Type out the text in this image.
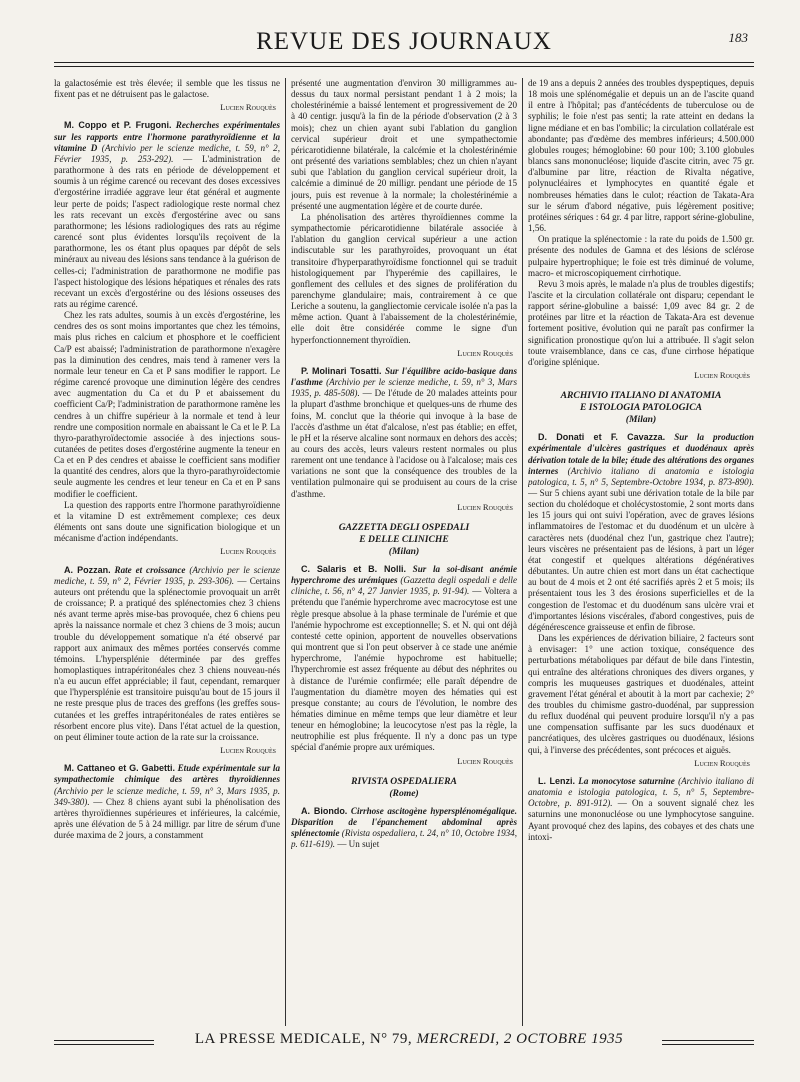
REVUE DES JOURNAUX	183

la galactosémie est très élevée; il semble que les tissus ne fixent pas et ne détruisent pas le galactose.

Lucien Rouquès

M. Coppo et P. Frugoni. Recherches expérimentales sur les rapports entre l'hormone parathyroïdienne et la vitamine D (Archivio per le scienze mediche, t. 59, n° 2, Février 1935, p. 253-292). — L'administration de parathormone à des rats en période de développement et soumis à un régime carencé ou recevant des doses excessives d'ergostérine irradiée aggrave leur état général et augmente leur perte de poids; l'aspect radiologique reste normal chez les rats recevant un excès d'ergostérine avec ou sans parathormone; les lésions radiologiques des rats au régime carencé sont plus évidentes lorsqu'ils reçoivent de la parathormone, les os étant plus opaques par dépôt de sels minéraux au niveau des lésions sans tendance à la guérison de celles-ci; l'administration de parathormone ne modifie pas l'aspect histologique des lésions hépatiques et rénales des rats recevant un excès d'ergostérine ou des lésions osseuses des rats au régime carencé.

Chez les rats adultes, soumis à un excès d'ergostérine, les cendres des os sont moins importantes que chez les témoins, mais plus riches en calcium et phosphore et le coefficient Ca/P est abaissé; l'administration de parathormone n'exagère pas la diminution des cendres, mais tend à ramener vers la normale leur teneur en Ca et P sans modifier le rapport. Le régime carencé provoque une diminution légère des cendres avec augmentation du Ca et du P et abaissement du coefficient Ca/P; l'administration de parathormone ramène les cendres à un chiffre supérieur à la normale et tend à leur rendre une composition normale en abaissant le Ca et le P. La thyro-parathyroïdectomie associée à des injections sous-cutanées de petites doses d'ergostérine augmente la teneur en Ca et en P des cendres et abaisse le coefficient sans modifier la quantité des cendres, alors que la thyro-parathyroïdectomie seule augmente les cendres et leur teneur en Ca et en P sans modifier le coefficient.

La question des rapports entre l'hormone parathyroïdienne et la vitamine D est extrêmement complexe; ces deux éléments ont sans doute une signification biologique et un mécanisme d'action indépendants.

Lucien Rouquès

A. Pozzan. Rate et croissance (Archivio per le scienze mediche, t. 59, n° 2, Février 1935, p. 293-306). — Certains auteurs ont prétendu que la splénectomie provoquait un arrêt de croissance; P. a pratiqué des splénectomies chez 3 chiens nés avant terme après mise-bas provoquée, chez 6 chiens peu après la naissance normale et chez 3 chiens de 3 mois; aucun trouble du développement somatique n'a été observé par rapport aux animaux des mêmes portées conservés comme témoins. L'hypersplénie déterminée par des greffes homoplastiques intrapéritonéales chez 3 chiens nouveau-nés n'a eu aucun effet appréciable; il faut, cependant, remarquer que l'hypersplénie est transitoire puisqu'au bout de 15 jours il ne reste presque plus de traces des greffons (les greffes sous-cutanées et les greffes intrapéritonéales de rates entières se résorbent encore plus vite). Dans l'état actuel de la question, on peut éliminer toute action de la rate sur la croissance.

Lucien Rouquès

M. Cattaneo et G. Gabetti. Etude expérimentale sur la sympathectomie chimique des artères thyroïdiennes (Archivio per le scienze mediche, t. 59, n° 3, Mars 1935, p. 349-380). — Chez 8 chiens ayant subi la phénolisation des artères thyroïdiennes supérieures et inférieures, la calcémie, après une élévation de 5 à 24 milligr. par litre de sérum d'une durée maxima de 2 jours, a constamment

présenté une augmentation d'environ 30 milligrammes au-dessus du taux normal persistant pendant 1 à 2 mois; la cholestérinémie a baissé lentement et progressivement de 20 à 40 centigr. jusqu'à la fin de la période d'observation (2 à 3 mois); chez un chien ayant subi l'ablation du ganglion cervical supérieur droit et une sympathectomie péricarotidienne bilatérale, la calcémie et la cholestérinémie ont présenté des variations semblables; chez un chien n'ayant subi que l'ablation du ganglion cervical supérieur droit, la calcémie a diminué de 20 milligr. pendant une période de 15 jours, puis est revenue à la normale; la cholestérinémie a présenté une augmentation légère et de courte durée.

La phénolisation des artères thyroïdiennes comme la sympathectomie péricarotidienne bilatérale associée à l'ablation du ganglion cervical supérieur a une action indiscutable sur les parathyroïdes, provoquant un état transitoire d'hyperparathyroïdisme fonctionnel qui se traduit histologiquement par l'hyperémie des capillaires, le gonflement des cellules et des signes de prolifération du parenchyme glandulaire; mais, contrairement à ce que Leriche a soutenu, la gangliectomie cervicale isolée n'a pas la même action. Quant à l'abaissement de la cholestérinémie, elle doit être considérée comme le signe d'un hyperfonctionnement thyroïdien.

Lucien Rouquès

P. Molinari Tosatti. Sur l'équilibre acido-basique dans l'asthme (Archivio per le scienze mediche, t. 59, n° 3, Mars 1935, p. 485-508). — De l'étude de 20 malades atteints pour la plupart d'asthme bronchique et quelques-uns de rhume des foins, M. conclut que la théorie qui invoque à la base de l'accès d'asthme un état d'alcalose, n'est pas établie; en effet, le pH et la réserve alcaline sont normaux en dehors des accès; au cours des accès, leurs valeurs restent normales ou plus rarement ont une tendance à l'acidose ou à l'alcalose; mais ces variations ne sont que la conséquence des troubles de la ventilation pulmonaire qui se produisent au cours de la crise d'asthme.

Lucien Rouquès
GAZZETTA DEGLI OSPEDALI
E DELLE CLINICHE
(Milan)

C. Salaris et B. Nolli. Sur la soi-disant anémie hyperchrome des urémiques (Gazzetta degli ospedali e delle cliniche, t. 56, n° 4, 27 Janvier 1935, p. 91-94). — Voltera a prétendu que l'anémie hyperchrome avec macrocytose est une règle presque absolue à la phase terminale de l'urémie et que l'anémie hypochrome est exceptionnelle; S. et N. qui ont déjà contesté cette opinion, apportent de nouvelles observations qui montrent que si l'on peut observer à ce stade une anémie hyperchrome, l'anémie hypochrome est habituelle; l'hyperchromie est assez fréquente au début des néphrites ou à distance de l'urémie confirmée; elle paraît dépendre de l'augmentation du diamètre moyen des hématies qui est presque constante; au cours de l'évolution, le nombre des hématies diminue en même temps que leur diamètre et leur teneur en hémoglobine; la leucocytose n'est pas la règle, la neutrophilie est plus fréquente. Il n'y a donc pas un type spécial d'anémie propre aux urémiques.

Lucien Rouquès
RIVISTA OSPEDALIERA
(Rome)

A. Biondo. Cirrhose ascitogène hypersplénomégalique. Disparition de l'épanchement abdominal après splénectomie (Rivista ospedaliera, t. 24, n° 10, Octobre 1934, p. 611-619). — Un sujet

de 19 ans a depuis 2 années des troubles dyspeptiques, depuis 18 mois une splénomégalie et depuis un an de l'ascite quand il entre à l'hôpital; pas d'antécédents de tuberculose ou de syphilis; le foie n'est pas senti; la rate atteint en dedans la ligne médiane et en bas l'ombilic; la circulation collatérale est abondante; pas d'œdème des membres inférieurs; 4.500.000 globules rouges; hémoglobine: 60 pour 100; 3.100 globules blancs sans mononucléose; liquide d'ascite citrin, avec 75 gr. d'albumine par litre, réaction de Rivalta négative, polynucléaires et lymphocytes en quantité égale et nombreuses hématies dans le culot; réaction de Takata-Ara sur le sérum d'abord négative, puis légèrement positive; protéines sériques : 64 gr. 4 par litre, rapport sérine-globuline, 1,56.

On pratique la splénectomie : la rate du poids de 1.500 gr. présente des nodules de Gamna et des lésions de sclérose pulpaire hypertrophique; le foie est très diminué de volume, macro- et microscopiquement cirrhotique.

Revu 3 mois après, le malade n'a plus de troubles digestifs; l'ascite et la circulation collatérale ont disparu; cependant le rapport sérine-globuline a baissé: 1,09 avec 84 gr. 2 de protéines par litre et la réaction de Takata-Ara est devenue fortement positive, évolution qui ne paraît pas confirmer la signification pronostique qu'on lui a attribuée. Il s'agit selon toute vraisemblance, dans ce cas, d'une cirrhose hépatique d'origine splénique.

Lucien Rouquès
ARCHIVIO ITALIANO DI ANATOMIA
E ISTOLOGIA PATOLOGICA
(Milan)

D. Donati et F. Cavazza. Sur la production expérimentale d'ulcères gastriques et duodénaux après dérivation totale de la bile; étude des altérations des organes internes (Archivio italiano di anatomia e istologia patologica, t. 5, n° 5, Septembre-Octobre 1934, p. 873-890). — Sur 5 chiens ayant subi une dérivation totale de la bile par section du cholédoque et cholécystostomie, 2 sont morts dans les 15 jours qui ont suivi l'opération, avec de graves lésions inflammatoires de l'estomac et du duodénum et un ulcère à caractères nets (duodénal chez l'un, gastrique chez l'autre); leurs viscères ne présentaient pas de lésions, à part un léger état congestif et quelques altérations dégénératives débutantes. Un autre chien est mort dans un état cachectique au bout de 4 mois et 2 ont été sacrifiés après 2 et 5 mois; ils présentaient tous les 3 des érosions superficielles et de la congestion de l'estomac et du duodénum sans ulcère vrai et d'importantes lésions viscérales, d'abord congestives, puis de dégénérescence graisseuse et enfin de fibrose.

Dans les expériences de dérivation biliaire, 2 facteurs sont à envisager: 1° une action toxique, conséquence des perturbations métaboliques par défaut de bile dans l'intestin, qui entraîne des altérations chroniques des divers organes, y compris les muqueuses gastriques et duodénales, atteint gravement l'état général et aboutit à la mort par cachexie; 2° des troubles du chimisme gastro-duodénal, par suppression du reflux duodénal qui peuvent produire lorsqu'il n'y a pas une compensation suffisante par les sucs duodénaux et pancréatiques, des ulcères gastriques ou duodénaux, lésions qui, à l'inverse des précédentes, sont précoces et aiguës.

Lucien Rouquès

L. Lenzi. La monocytose saturnine (Archivio italiano di anatomia e istologia patologica, t. 5, n° 5, Septembre-Octobre, p. 891-912). — On a souvent signalé chez les saturnins une mononucléose ou une lymphocytose sanguine. Ayant provoqué chez des lapins, des cobayes et des chats une intoxi-

LA PRESSE MEDICALE, N° 79, MERCREDI, 2 OCTOBRE 1935
